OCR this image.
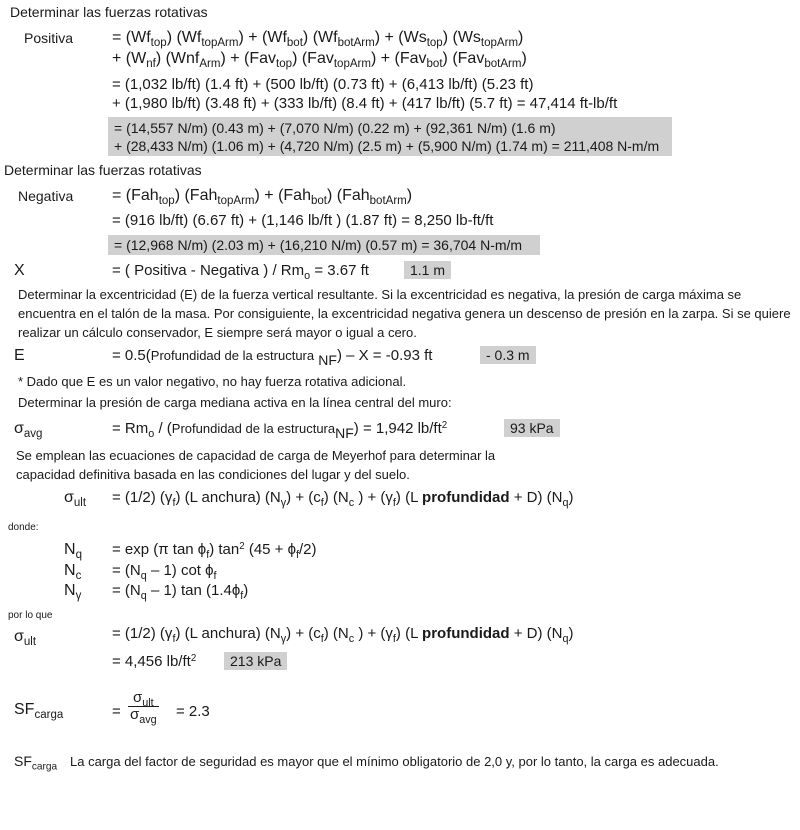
Determinar las fuerzas rotativas
Positiva = $(Wf_{top}) (Wf_{topArm}) + (Wf_{bot}) (Wf_{botArm}) + (Ws_{top})$ $(Ws_{topArm})$
+ $(W_{nf}) (Wnf_{Arm}) + (Fav_{top}) (Fav_{topArm}) + (Fav_{bot})$ (Fav$_{botArm}$)
= (1,032 lb/ft) (1.4 ft) + (500 lb/ft) (0.73 ft) + (6,413 lb/ft) (5.23 ft)
+ (1,980 lb/ft) (3.48 ft) + (333 lb/ft) (8.4 ft) + (417 lb/ft) (5.7 ft) = 47,414 ft-lb/ft
= (14,557 N/m) (0.43 m) + (7,070 N/m) (0.22 m) + (92,361 N/m) (1.6 m)
+ (28,433 N/m) (1.06 m) + (4,720 N/m) (2.5 m) + (5,900 N/m) (1.74 m) = 211,408 N-m/m
Determinar las fuerzas rotativas
Negativa = (Fah$_{top}$) (Fah$_{topArm}$) + (Fah$_{bot}$) (Fah$_{botArm}$)
= (916 lb/ft) (6.67 ft) + (1,146 lb/ft ) (1.87 ft) = 8,250 lb-ft/ft
= (12,968 N/m) (2.03 m) + (16,210 N/m) (0.57 m) = 36,704 N-m/m
X	= ( Positiva - Negativa ) / $Rm_o = 3.67$ ft	1.1 m
Determinar la excentricidad (E) de la fuerza vertical resultante. Si la excentricidad es negativa, la presión de carga máxima se encuentra en el talón de la masa. Por consiguiente, la excentricidad negativa genera un descenso de presión en la zarpa. Si se quiere realizar un cálculo conservador, E siempre será mayor o igual a cero.
E	= 0.5(Profundidad de la estructura $_{NF}$) – X = -0.93 ft	- 0.3 m
* Dado que E es un valor negativo, no hay fuerza rotativa adicional.
Determinar la presión de carga mediana activa en la línea central del muro:
$\sigma_{avg}$	= $Rm_o$ / (Profundidad de la estructura$_{NF}$) = 1,942 $lb/ft^2$	93 kPa
Se emplean las ecuaciones de capacidad de carga de Meyerhof para determinar la capacidad definitiva basada en las condiciones del lugar y del suelo.
$\sigma_{ult} = (1/2)$ $(\gamma_f)$ (L anchura) $(N_\gamma) + (c_f)$ ($N_c$ ) + $(\gamma_f)$ (L profundidad + D) $(N_q)$
donde:
$N_q = \exp (\pi$ $\tan \phi_f$) $\tan^2 (45 + \phi_f/2)$
$N_c = (N_q - 1)$ $\cot \phi_f$
$N_\gamma = (N_q - 1)$ $\tan (1.4\phi_f)$
por lo que
$\sigma_{ult}$
= (1/2) $(\gamma_f)$ (L anchura) $(N_\gamma) + (c_f)$ ($N_c$ ) + $(\gamma_f)$ (L profundidad + D) $(N_q)$
= 4,456 $lb/ft^2$	213 kPa
$SF_{carga}$	= $\frac{\sigma_{ult}}{\sigma_{avg}} = 2.3$
$SF_{carga}$ La carga del factor de seguridad es mayor que el mínimo obligatorio de 2,0 y, por lo tanto, la carga es adecuada.
